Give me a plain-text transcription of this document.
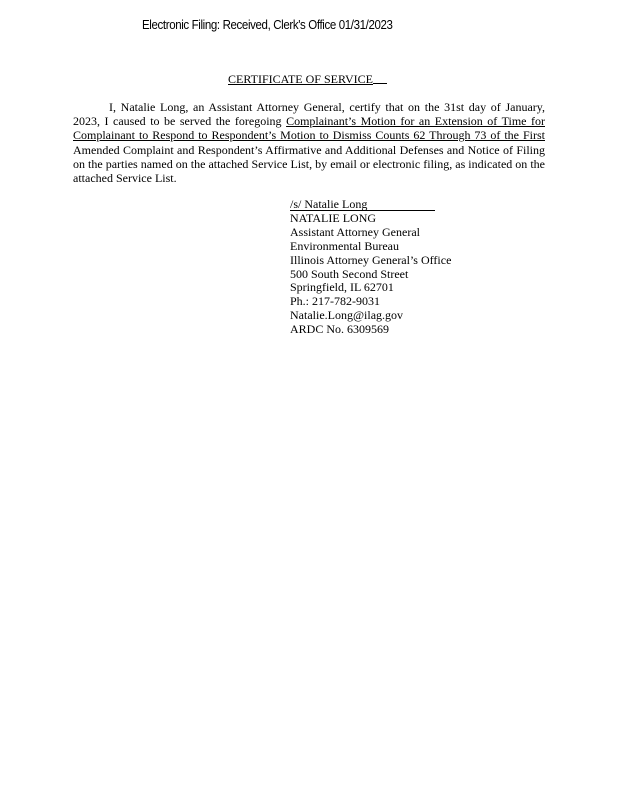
Electronic Filing: Received, Clerk's Office 01/31/2023
CERTIFICATE OF SERVICE
I, Natalie Long, an Assistant Attorney General, certify that on the 31st day of January,
2023, I caused to be served the foregoing Complainant’s Motion for an Extension of Time for
Complainant to Respond to Respondent’s Motion to Dismiss Counts 62 Through 73 of the First
Amended Complaint and Respondent’s Affirmative and Additional Defenses and Notice of Filing
on the parties named on the attached Service List, by email or electronic filing, as indicated on the
attached Service List.
/s/ Natalie Long
NATALIE LONG
Assistant Attorney General
Environmental Bureau
Illinois Attorney General’s Office
500 South Second Street
Springfield, IL 62701
Ph.: 217-782-9031
Natalie.Long@ilag.gov
ARDC No. 6309569
